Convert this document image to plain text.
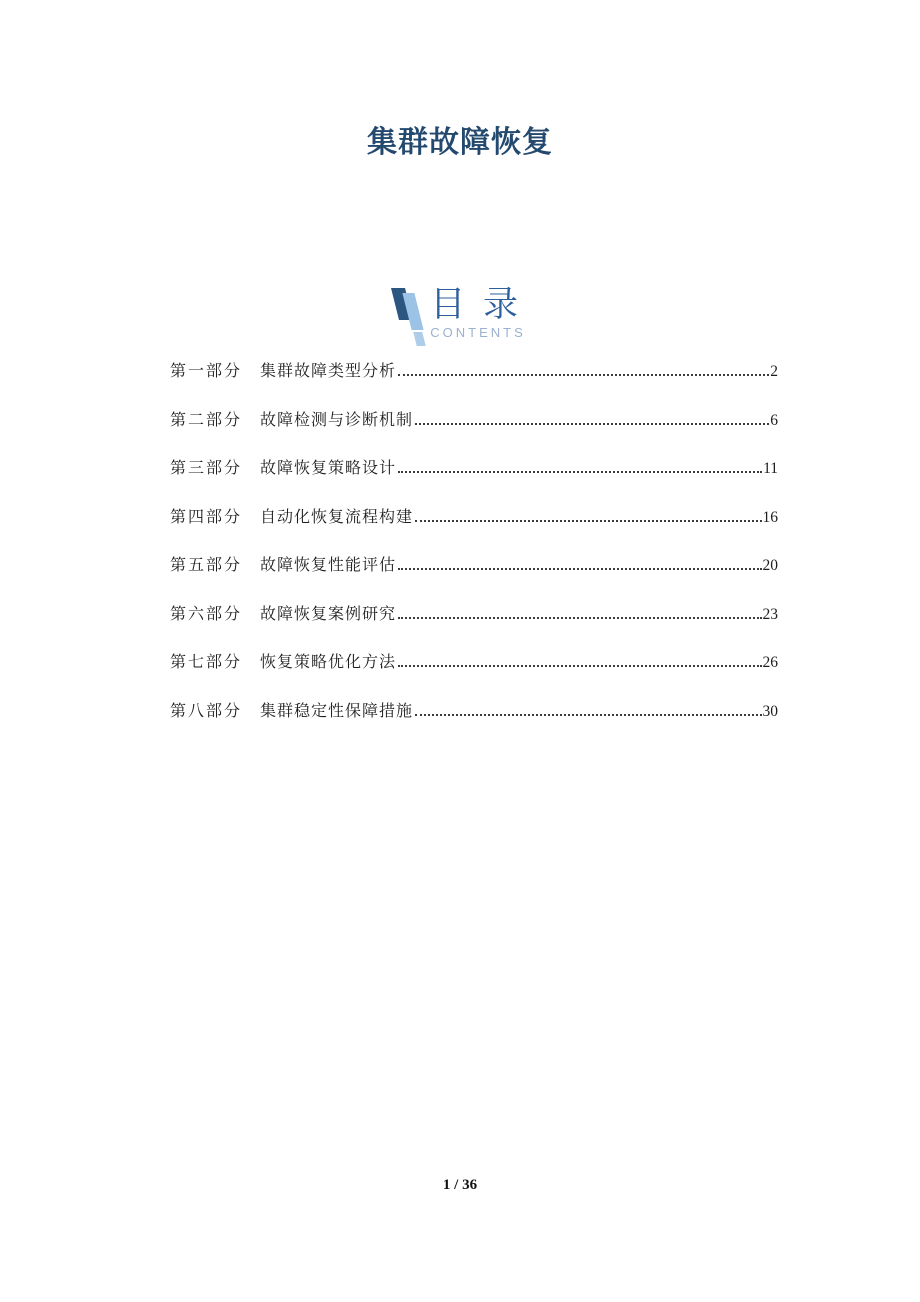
集群故障恢复
目 录
CONTENTS
第一部分 集群故障类型分析	2
第二部分 故障检测与诊断机制	6
第三部分 故障恢复策略设计	11
第四部分 自动化恢复流程构建	16
第五部分 故障恢复性能评估	20
第六部分 故障恢复案例研究	23
第七部分 恢复策略优化方法	26
第八部分 集群稳定性保障措施	30
1 / 36
